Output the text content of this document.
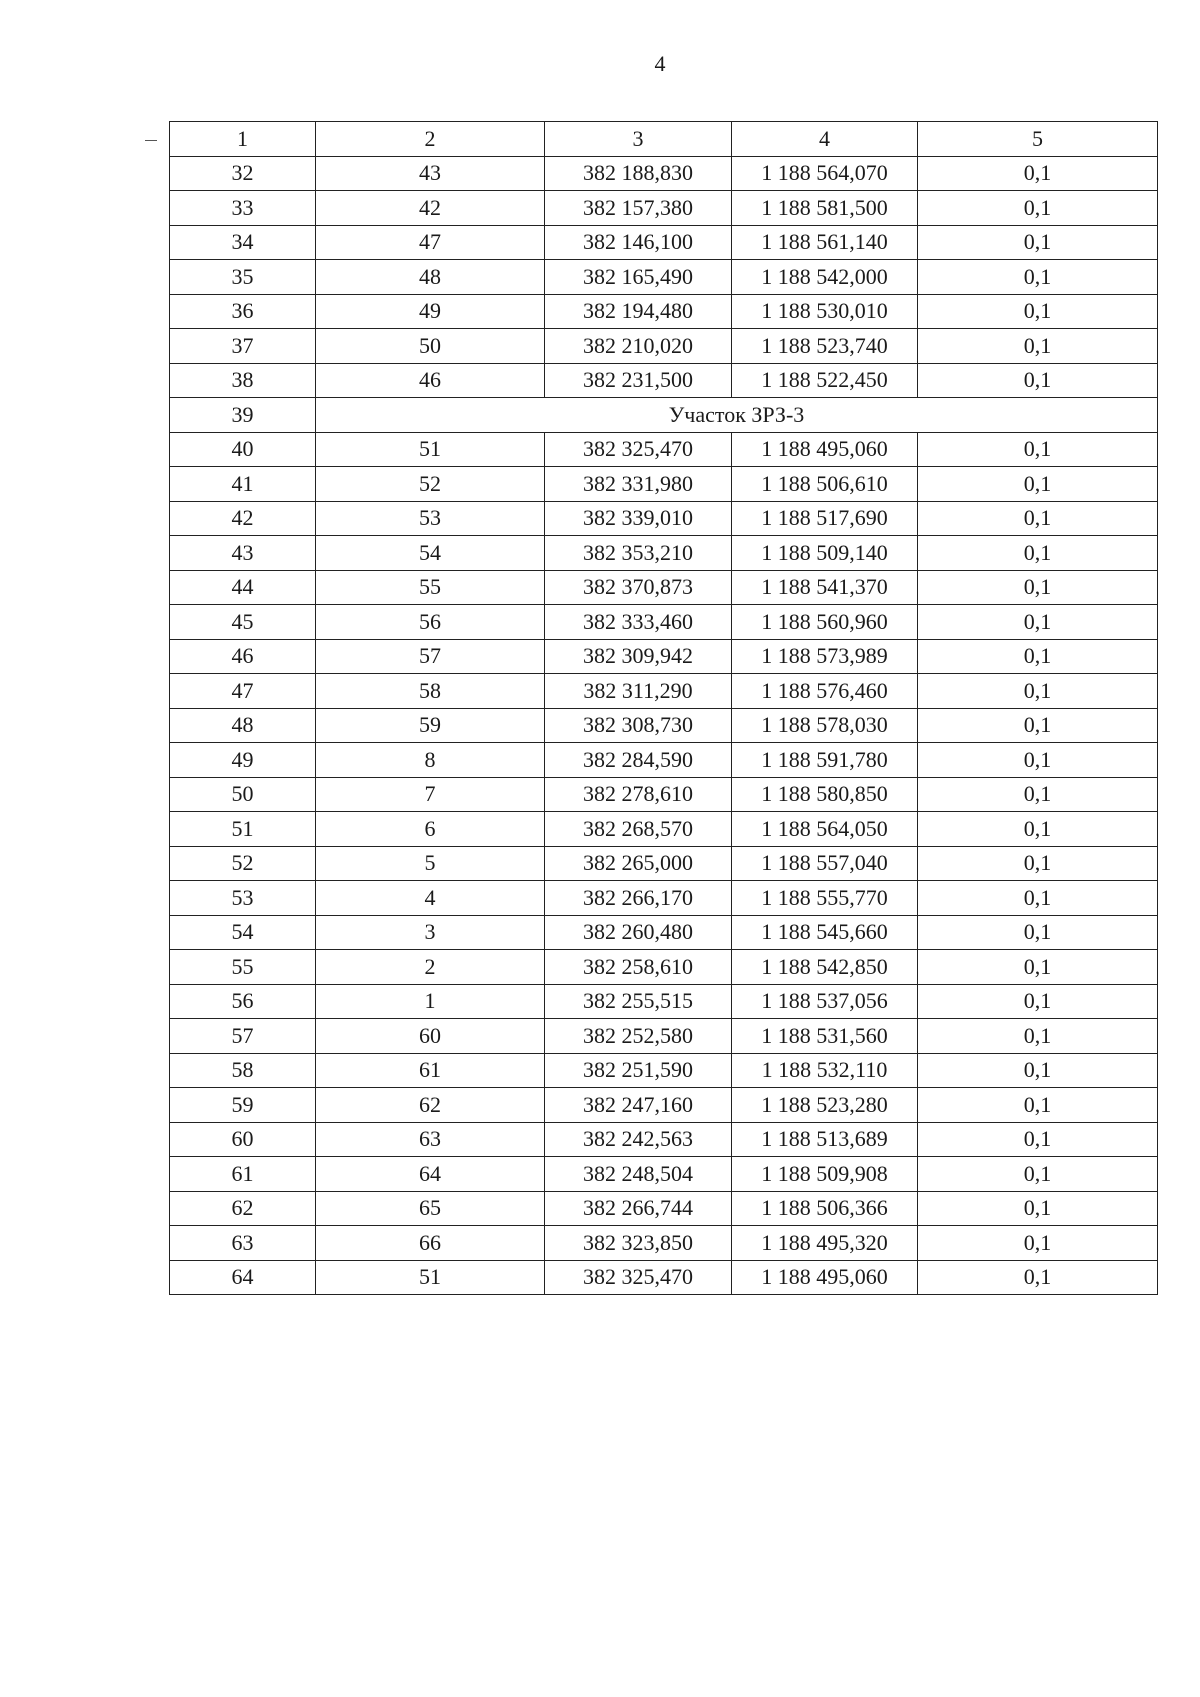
4
1	2	3	4	5
32	43	382 188,830	1 188 564,070	0,1
33	42	382 157,380	1 188 581,500	0,1
34	47	382 146,100	1 188 561,140	0,1
35	48	382 165,490	1 188 542,000	0,1
36	49	382 194,480	1 188 530,010	0,1
37	50	382 210,020	1 188 523,740	0,1
38	46	382 231,500	1 188 522,450	0,1
39	Участок ЗРЗ-3			
40	51	382 325,470	1 188 495,060	0,1
41	52	382 331,980	1 188 506,610	0,1
42	53	382 339,010	1 188 517,690	0,1
43	54	382 353,210	1 188 509,140	0,1
44	55	382 370,873	1 188 541,370	0,1
45	56	382 333,460	1 188 560,960	0,1
46	57	382 309,942	1 188 573,989	0,1
47	58	382 311,290	1 188 576,460	0,1
48	59	382 308,730	1 188 578,030	0,1
49	8	382 284,590	1 188 591,780	0,1
50	7	382 278,610	1 188 580,850	0,1
51	6	382 268,570	1 188 564,050	0,1
52	5	382 265,000	1 188 557,040	0,1
53	4	382 266,170	1 188 555,770	0,1
54	3	382 260,480	1 188 545,660	0,1
55	2	382 258,610	1 188 542,850	0,1
56	1	382 255,515	1 188 537,056	0,1
57	60	382 252,580	1 188 531,560	0,1
58	61	382 251,590	1 188 532,110	0,1
59	62	382 247,160	1 188 523,280	0,1
60	63	382 242,563	1 188 513,689	0,1
61	64	382 248,504	1 188 509,908	0,1
62	65	382 266,744	1 188 506,366	0,1
63	66	382 323,850	1 188 495,320	0,1
64	51	382 325,470	1 188 495,060	0,1
